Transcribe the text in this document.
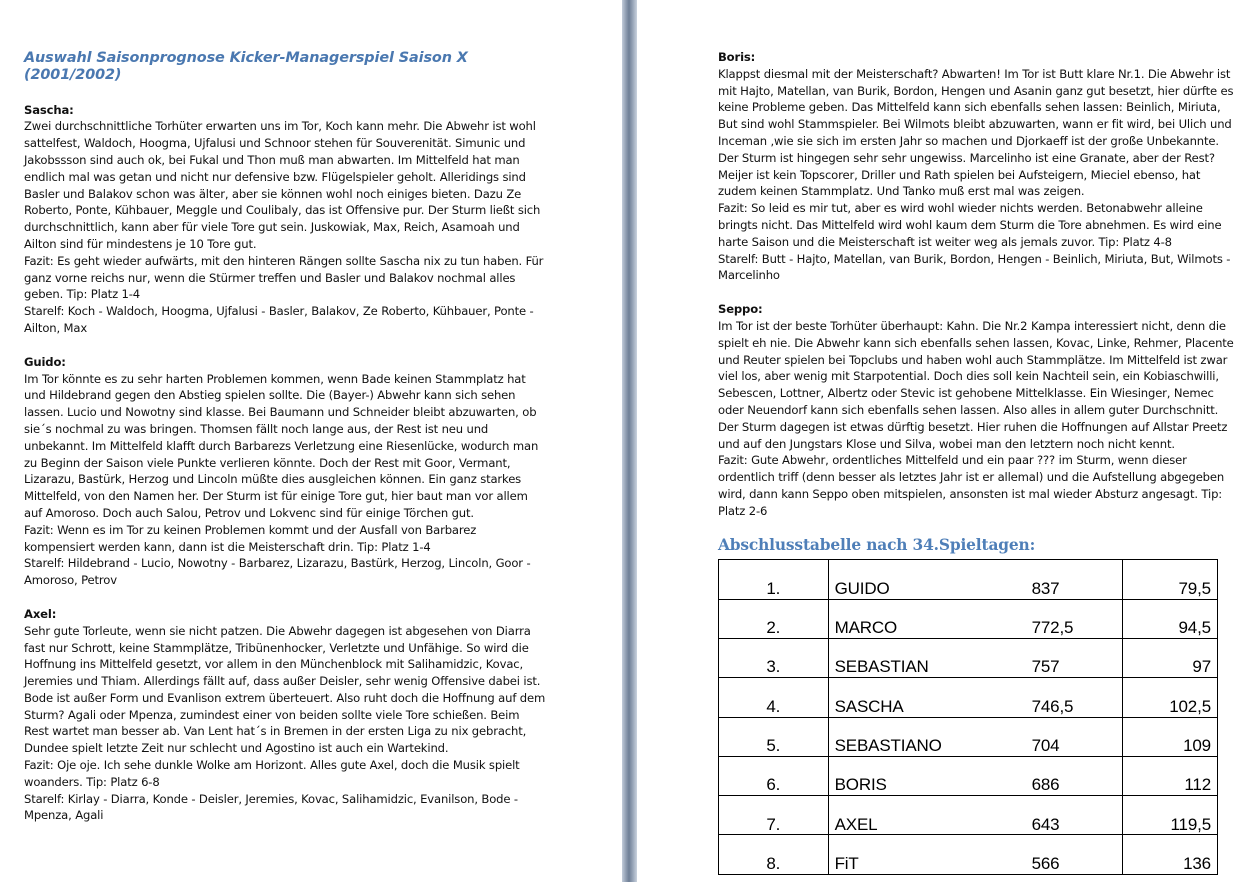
Auswahl Saisonprognose Kicker-Managerspiel Saison X (2001/2002)

Sascha:

Zwei durchschnittliche Torhüter erwarten uns im Tor, Koch kann mehr. Die Abwehr ist wohl sattelfest, Waldoch, Hoogma, Ujfalusi und Schnoor stehen für Souverenität. Simunic und Jakobssson sind auch ok, bei Fukal und Thon muß man abwarten. Im Mittelfeld hat man endlich mal was getan und nicht nur defensive bzw. Flügelspieler geholt. Alleridings sind Basler und Balakov schon was älter, aber sie können wohl noch einiges bieten. Dazu Ze Roberto, Ponte, Kühbauer, Meggle und Coulibaly, das ist Offensive pur. Der Sturm ließt sich durchschnittlich, kann aber für viele Tore gut sein. Juskowiak, Max, Reich, Asamoah und Ailton sind für mindestens je 10 Tore gut.

Fazit: Es geht wieder aufwärts, mit den hinteren Rängen sollte Sascha nix zu tun haben. Für ganz vorne reichs nur, wenn die Stürmer treffen und Basler und Balakov nochmal alles geben. Tip: Platz 1-4

Starelf: Koch - Waldoch, Hoogma, Ujfalusi - Basler, Balakov, Ze Roberto, Kühbauer, Ponte - Ailton, Max

Guido:

Im Tor könnte es zu sehr harten Problemen kommen, wenn Bade keinen Stammplatz hat und Hildebrand gegen den Abstieg spielen sollte. Die (Bayer-) Abwehr kann sich sehen lassen. Lucio und Nowotny sind klasse. Bei Baumann und Schneider bleibt abzuwarten, ob sie´s nochmal zu was bringen. Thomsen fällt noch lange aus, der Rest ist neu und unbekannt. Im Mittelfeld klafft durch Barbarezs Verletzung eine Riesenlücke, wodurch man zu Beginn der Saison viele Punkte verlieren könnte. Doch der Rest mit Goor, Vermant, Lizarazu, Bastürk, Herzog und Lincoln müßte dies ausgleichen können. Ein ganz starkes Mittelfeld, von den Namen her. Der Sturm ist für einige Tore gut, hier baut man vor allem auf Amoroso. Doch auch Salou, Petrov und Lokvenc sind für einige Törchen gut.

Fazit: Wenn es im Tor zu keinen Problemen kommt und der Ausfall von Barbarez kompensiert werden kann, dann ist die Meisterschaft drin. Tip: Platz 1-4

Starelf: Hildebrand - Lucio, Nowotny - Barbarez, Lizarazu, Bastürk, Herzog, Lincoln, Goor - Amoroso, Petrov

Axel:

Sehr gute Torleute, wenn sie nicht patzen. Die Abwehr dagegen ist abgesehen von Diarra fast nur Schrott, keine Stammplätze, Tribünenhocker, Verletzte und Unfähige. So wird die Hoffnung ins Mittelfeld gesetzt, vor allem in den Münchenblock mit Salihamidzic, Kovac, Jeremies und Thiam. Allerdings fällt auf, dass außer Deisler, sehr wenig Offensive dabei ist. Bode ist außer Form und Evanlison extrem überteuert. Also ruht doch die Hoffnung auf dem Sturm? Agali oder Mpenza, zumindest einer von beiden sollte viele Tore schießen. Beim Rest wartet man besser ab. Van Lent hat´s in Bremen in der ersten Liga zu nix gebracht, Dundee spielt letzte Zeit nur schlecht und Agostino ist auch ein Wartekind.

Fazit: Oje oje. Ich sehe dunkle Wolke am Horizont. Alles gute Axel, doch die Musik spielt woanders. Tip: Platz 6-8

Starelf: Kirlay - Diarra, Konde - Deisler, Jeremies, Kovac, Salihamidzic, Evanilson, Bode - Mpenza, Agali

Boris:

Klappst diesmal mit der Meisterschaft? Abwarten! Im Tor ist Butt klare Nr.1. Die Abwehr ist mit Hajto, Matellan, van Burik, Bordon, Hengen und Asanin ganz gut besetzt, hier dürfte es keine Probleme geben. Das Mittelfeld kann sich ebenfalls sehen lassen: Beinlich, Miriuta, But sind wohl Stammspieler. Bei Wilmots bleibt abzuwarten, wann er fit wird, bei Ulich und Inceman ,wie sie sich im ersten Jahr so machen und Djorkaeff ist der große Unbekannte. Der Sturm ist hingegen sehr sehr ungewiss. Marcelinho ist eine Granate, aber der Rest? Meijer ist kein Topscorer, Driller und Rath spielen bei Aufsteigern, Mieciel ebenso, hat zudem keinen Stammplatz. Und Tanko muß erst mal was zeigen.

Fazit: So leid es mir tut, aber es wird wohl wieder nichts werden. Betonabwehr alleine bringts nicht. Das Mittelfeld wird wohl kaum dem Sturm die Tore abnehmen. Es wird eine harte Saison und die Meisterschaft ist weiter weg als jemals zuvor. Tip: Platz 4-8

Starelf: Butt - Hajto, Matellan, van Burik, Bordon, Hengen - Beinlich, Miriuta, But, Wilmots - Marcelinho

Seppo:

Im Tor ist der beste Torhüter überhaupt: Kahn. Die Nr.2 Kampa interessiert nicht, denn die spielt eh nie. Die Abwehr kann sich ebenfalls sehen lassen, Kovac, Linke, Rehmer, Placente und Reuter spielen bei Topclubs und haben wohl auch Stammplätze. Im Mittelfeld ist zwar viel los, aber wenig mit Starpotential. Doch dies soll kein Nachteil sein, ein Kobiaschwilli, Sebescen, Lottner, Albertz oder Stevic ist gehobene Mittelklasse. Ein Wiesinger, Nemec oder Neuendorf kann sich ebenfalls sehen lassen. Also alles in allem guter Durchschnitt. Der Sturm dagegen ist etwas dürftig besetzt. Hier ruhen die Hoffnungen auf Allstar Preetz und auf den Jungstars Klose und Silva, wobei man den letztern noch nicht kennt.

Fazit: Gute Abwehr, ordentliches Mittelfeld und ein paar ??? im Sturm, wenn dieser ordentlich triff (denn besser als letztes Jahr ist er allemal) und die Aufstellung abgegeben wird, dann kann Seppo oben mitspielen, ansonsten ist mal wieder Absturz angesagt. Tip: Platz 2-6

Abschlusstabelle nach 34.Spieltagen:
1.	GUIDO 837	79,5
2.	MARCO 772,5	94,5
3.	SEBASTIAN 757	97
4.	SASCHA 746,5	102,5
5.	SEBASTIANO 704	109
6.	BORIS 686	112
7.	AXEL 643	119,5
8.	FiT 566	136
